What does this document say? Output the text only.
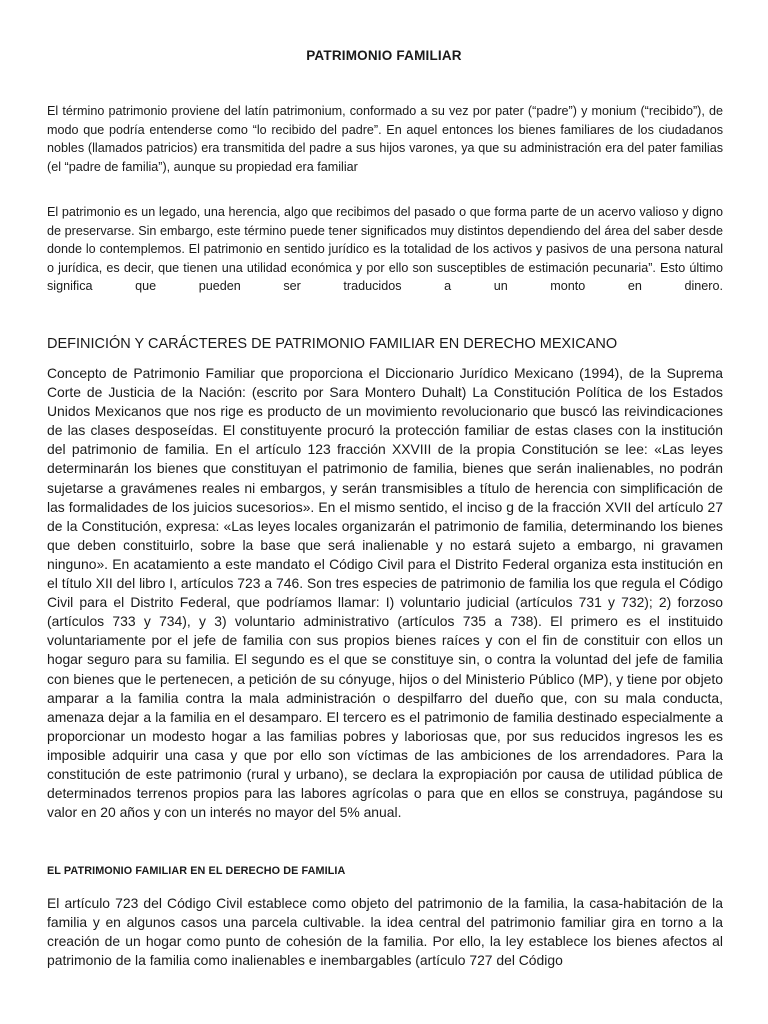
PATRIMONIO FAMILIAR

El término patrimonio proviene del latín patrimonium, conformado a su vez por pater (“padre”) y monium (“recibido”), de modo que podría entenderse como “lo recibido del padre”. En aquel entonces los bienes familiares de los ciudadanos nobles (llamados patricios) era transmitida del padre a sus hijos varones, ya que su administración era del pater familias (el “padre de familia”), aunque su propiedad era familiar

El patrimonio es un legado, una herencia, algo que recibimos del pasado o que forma parte de un acervo valioso y digno de preservarse. Sin embargo, este término puede tener significados muy distintos dependiendo del área del saber desde donde lo contemplemos. El patrimonio en sentido jurídico es la totalidad de los activos y pasivos de una persona natural o jurídica, es decir, que tienen una utilidad económica y por ello son susceptibles de estimación pecunaria”. Esto último significa que pueden ser traducidos a un monto en dinero.

DEFINICIÓN Y CARÁCTERES DE PATRIMONIO FAMILIAR EN DERECHO MEXICANO

Concepto de Patrimonio Familiar que proporciona el Diccionario Jurídico Mexicano (1994), de la Suprema Corte de Justicia de la Nación: (escrito por Sara Montero Duhalt) La Constitución Política de los Estados Unidos Mexicanos que nos rige es producto de un movimiento revolucionario que buscó las reivindicaciones de las clases desposeídas. El constituyente procuró la protección familiar de estas clases con la institución del patrimonio de familia. En el artículo 123 fracción XXVIII de la propia Constitución se lee: «Las leyes determinarán los bienes que constituyan el patrimonio de familia, bienes que serán inalienables, no podrán sujetarse a gravámenes reales ni embargos, y serán transmisibles a título de herencia con simplificación de las formalidades de los juicios sucesorios». En el mismo sentido, el inciso g de la fracción XVII del artículo 27 de la Constitución, expresa: «Las leyes locales organizarán el patrimonio de familia, determinando los bienes que deben constituirlo, sobre la base que será inalienable y no estará sujeto a embargo, ni gravamen ninguno». En acatamiento a este mandato el Código Civil para el Distrito Federal organiza esta institución en el título XII del libro I, artículos 723 a 746. Son tres especies de patrimonio de familia los que regula el Código Civil para el Distrito Federal, que podríamos llamar: I) voluntario judicial (artículos 731 y 732); 2) forzoso (artículos 733 y 734), y 3) voluntario administrativo (artículos 735 a 738). El primero es el instituido voluntariamente por el jefe de familia con sus propios bienes raíces y con el fin de constituir con ellos un hogar seguro para su familia. El segundo es el que se constituye sin, o contra la voluntad del jefe de familia con bienes que le pertenecen, a petición de su cónyuge, hijos o del Ministerio Público (MP), y tiene por objeto amparar a la familia contra la mala administración o despilfarro del dueño que, con su mala conducta, amenaza dejar a la familia en el desamparo. El tercero es el patrimonio de familia destinado especialmente a proporcionar un modesto hogar a las familias pobres y laboriosas que, por sus reducidos ingresos les es imposible adquirir una casa y que por ello son víctimas de las ambiciones de los arrendadores. Para la constitución de este patrimonio (rural y urbano), se declara la expropiación por causa de utilidad pública de determinados terrenos propios para las labores agrícolas o para que en ellos se construya, pagándose su valor en 20 años y con un interés no mayor del 5% anual.

EL PATRIMONIO FAMILIAR EN EL DERECHO DE FAMILIA

El artículo 723 del Código Civil establece como objeto del patrimonio de la familia, la casa-habitación de la familia y en algunos casos una parcela cultivable. la idea central del patrimonio familiar gira en torno a la creación de un hogar como punto de cohesión de la familia. Por ello, la ley establece los bienes afectos al patrimonio de la familia como inalienables e inembargables (artículo 727 del Código
